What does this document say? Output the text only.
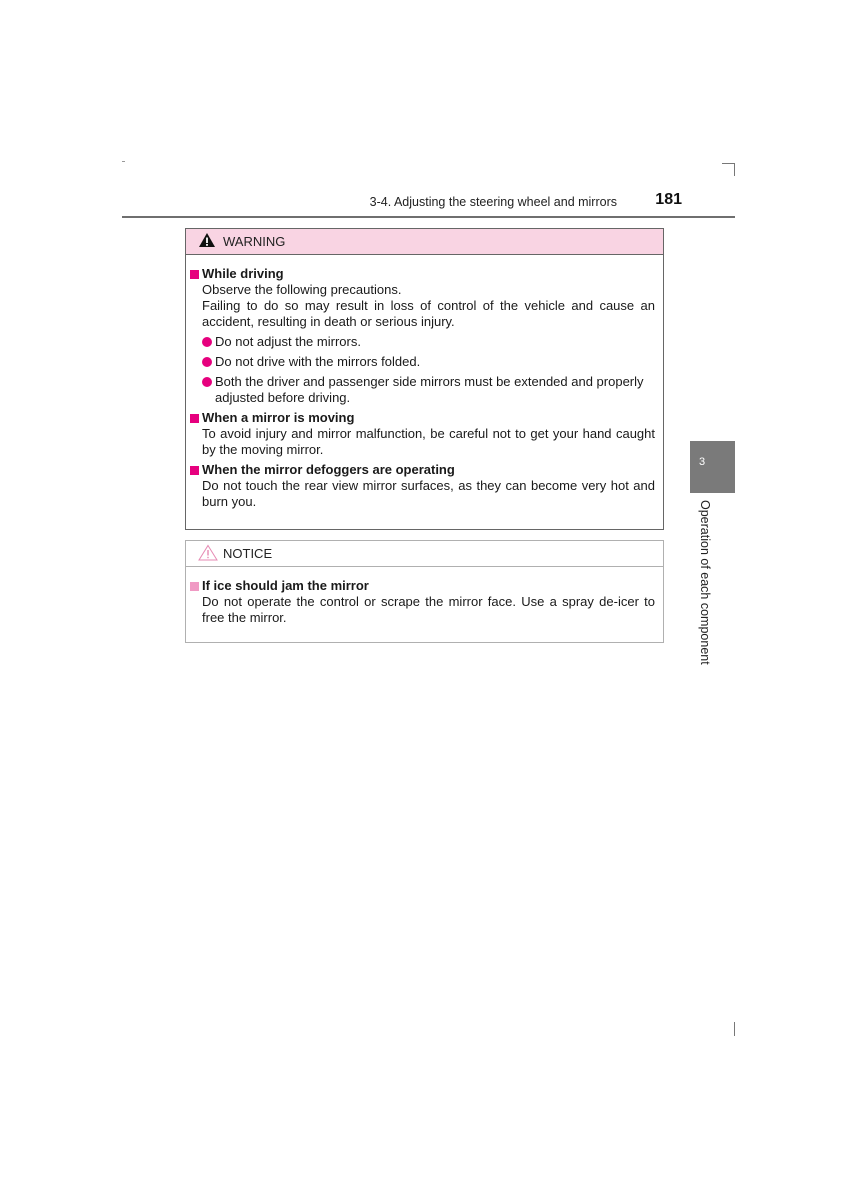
3-4. Adjusting the steering wheel and mirrors 181
3
Operation of each component
WARNING
While driving
Observe the following precautions.
Failing to do so may result in loss of control of the vehicle and cause an accident, resulting in death or serious injury.
Do not adjust the mirrors.
Do not drive with the mirrors folded.
Both the driver and passenger side mirrors must be extended and properly adjusted before driving.
When a mirror is moving
To avoid injury and mirror malfunction, be careful not to get your hand caught by the moving mirror.
When the mirror defoggers are operating
Do not touch the rear view mirror surfaces, as they can become very hot and burn you.
NOTICE
If ice should jam the mirror
Do not operate the control or scrape the mirror face. Use a spray de-icer to free the mirror.
